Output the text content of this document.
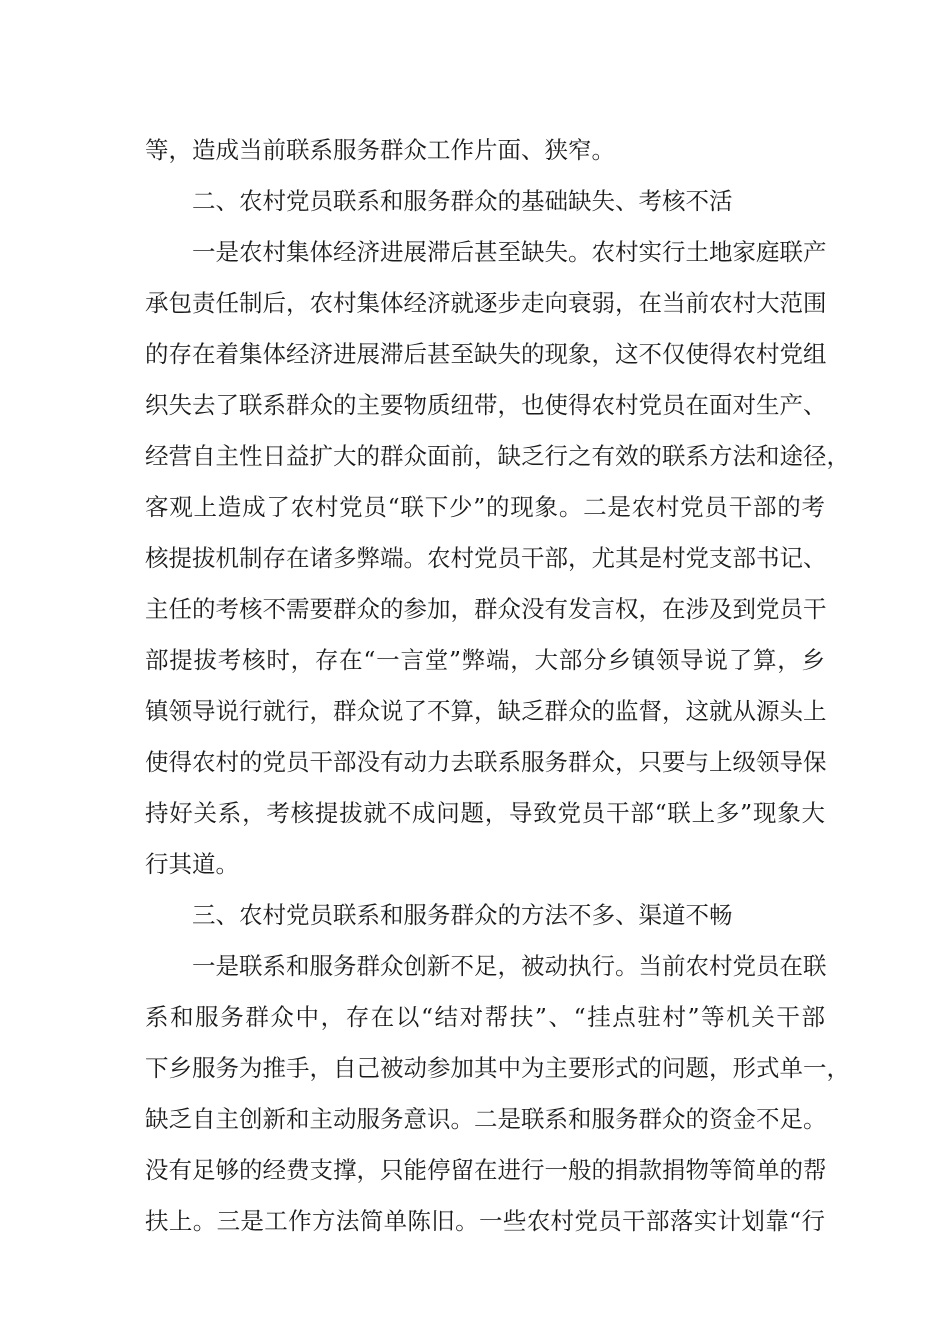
等，造成当前联系服务群众工作片面、狭窄。
二、农村党员联系和服务群众的基础缺失、考核不活
一是农村集体经济进展滞后甚至缺失。农村实行土地家庭联产
承包责任制后，农村集体经济就逐步走向衰弱，在当前农村大范围
的存在着集体经济进展滞后甚至缺失的现象，这不仅使得农村党组
织失去了联系群众的主要物质纽带，也使得农村党员在面对生产、
经营自主性日益扩大的群众面前，缺乏行之有效的联系方法和途径，
客观上造成了农村党员“联下少”的现象。二是农村党员干部的考
核提拔机制存在诸多弊端。农村党员干部，尤其是村党支部书记、
主任的考核不需要群众的参加，群众没有发言权，在涉及到党员干
部提拔考核时，存在“一言堂”弊端，大部分乡镇领导说了算，乡
镇领导说行就行，群众说了不算，缺乏群众的监督，这就从源头上
使得农村的党员干部没有动力去联系服务群众，只要与上级领导保
持好关系，考核提拔就不成问题，导致党员干部“联上多”现象大
行其道。
三、农村党员联系和服务群众的方法不多、渠道不畅
一是联系和服务群众创新不足，被动执行。当前农村党员在联
系和服务群众中，存在以“结对帮扶”、“挂点驻村”等机关干部
下乡服务为推手，自己被动参加其中为主要形式的问题，形式单一，
缺乏自主创新和主动服务意识。二是联系和服务群众的资金不足。
没有足够的经费支撑，只能停留在进行一般的捐款捐物等简单的帮
扶上。三是工作方法简单陈旧。一些农村党员干部落实计划靠“行
